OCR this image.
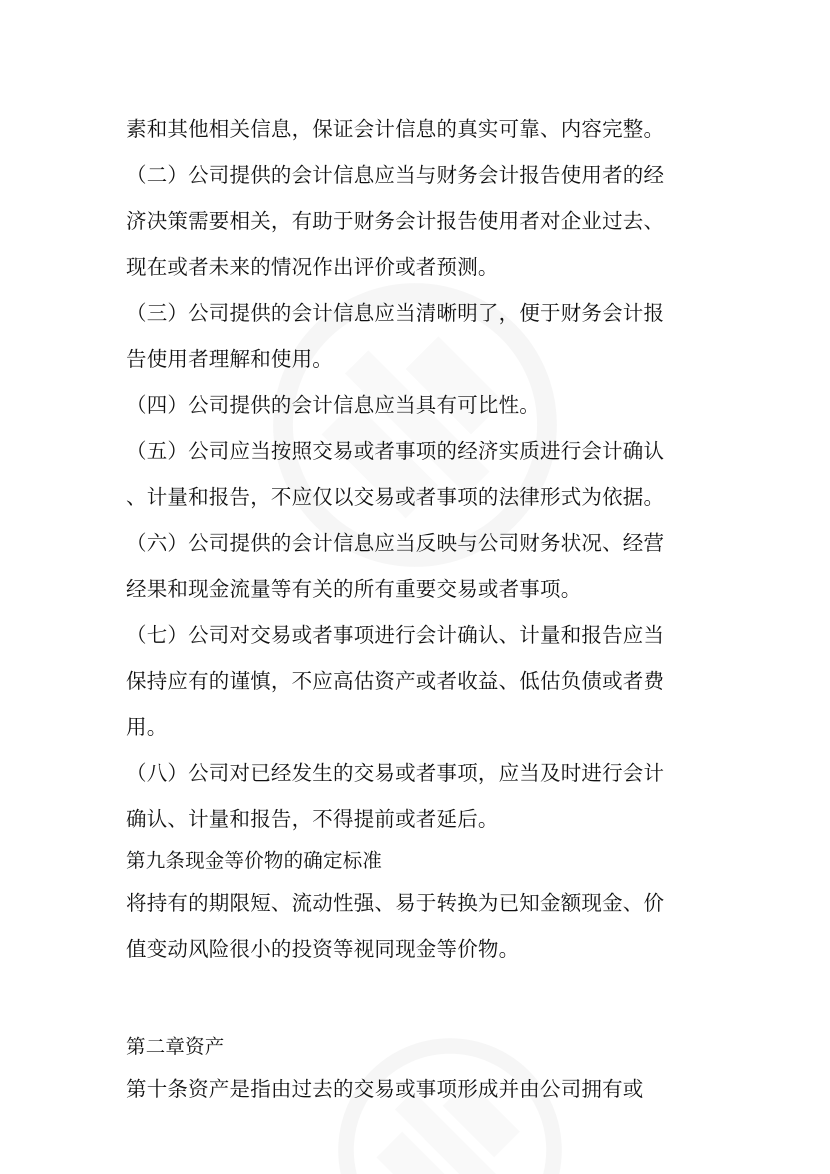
素和其他相关信息，保证会计信息的真实可靠、内容完整。
（二）公司提供的会计信息应当与财务会计报告使用者的经
济决策需要相关，有助于财务会计报告使用者对企业过去、
现在或者未来的情况作出评价或者预测。
（三）公司提供的会计信息应当清晰明了，便于财务会计报
告使用者理解和使用。
（四）公司提供的会计信息应当具有可比性。
（五）公司应当按照交易或者事项的经济实质进行会计确认
、计量和报告，不应仅以交易或者事项的法律形式为依据。
（六）公司提供的会计信息应当反映与公司财务状况、经营
经果和现金流量等有关的所有重要交易或者事项。
（七）公司对交易或者事项进行会计确认、计量和报告应当
保持应有的谨慎，不应高估资产或者收益、低估负债或者费
用。
（八）公司对已经发生的交易或者事项，应当及时进行会计
确认、计量和报告，不得提前或者延后。
第九条现金等价物的确定标准
将持有的期限短、流动性强、易于转换为已知金额现金、价
值变动风险很小的投资等视同现金等价物。
第二章资产
第十条资产是指由过去的交易或事项形成并由公司拥有或
